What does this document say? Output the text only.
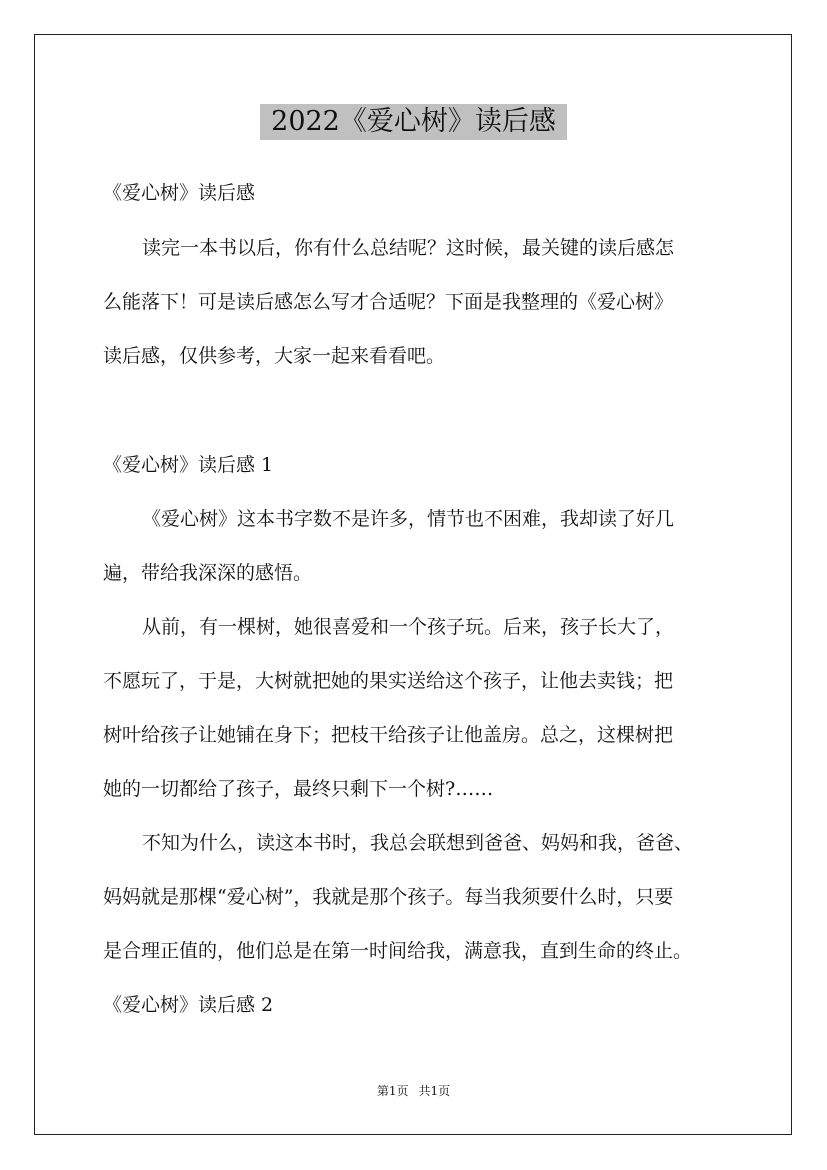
2022《爱心树》读后感
《爱心树》读后感
读完一本书以后，你有什么总结呢？这时候，最关键的读后感怎
么能落下！可是读后感怎么写才合适呢？下面是我整理的《爱心树》
读后感，仅供参考，大家一起来看看吧。
《爱心树》读后感 1
《爱心树》这本书字数不是许多，情节也不困难，我却读了好几
遍，带给我深深的感悟。
从前，有一棵树，她很喜爱和一个孩子玩。后来，孩子长大了，
不愿玩了，于是，大树就把她的果实送给这个孩子，让他去卖钱；把
树叶给孩子让她铺在身下；把枝干给孩子让他盖房。总之，这棵树把
她的一切都给了孩子，最终只剩下一个树?……
不知为什么，读这本书时，我总会联想到爸爸、妈妈和我，爸爸、
妈妈就是那棵“爱心树”，我就是那个孩子。每当我须要什么时，只要
是合理正值的，他们总是在第一时间给我，满意我，直到生命的终止。
《爱心树》读后感 2
第1页 共1页
